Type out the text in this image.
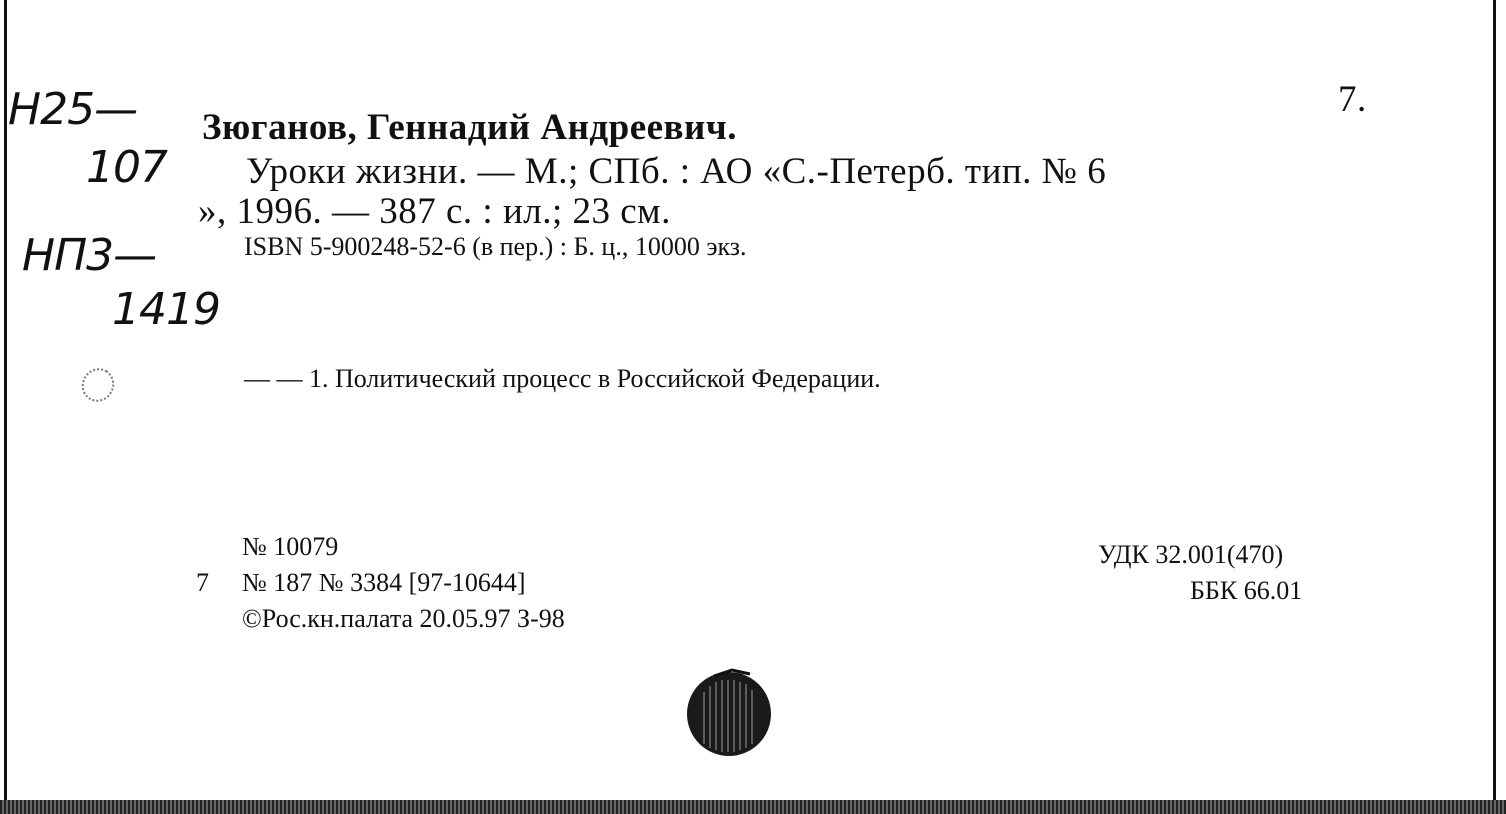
7.
Н25—
107
НП3—
1419
Зюганов, Геннадий Андреевич.
Уроки жизни. — М.; СПб. : АО «С.-Петерб. тип. № 6
», 1996. — 387 с. : ил.; 23 см.
ISBN 5-900248-52-6 (в пер.) : Б. ц., 10000 экз.
— — 1. Политический процесс в Российской Федерации.
№ 10079
7 № 187 № 3384 [97-10644]
©Рос.кн.палата 20.05.97 З-98
УДК 32.001(470)
ББК 66.01
